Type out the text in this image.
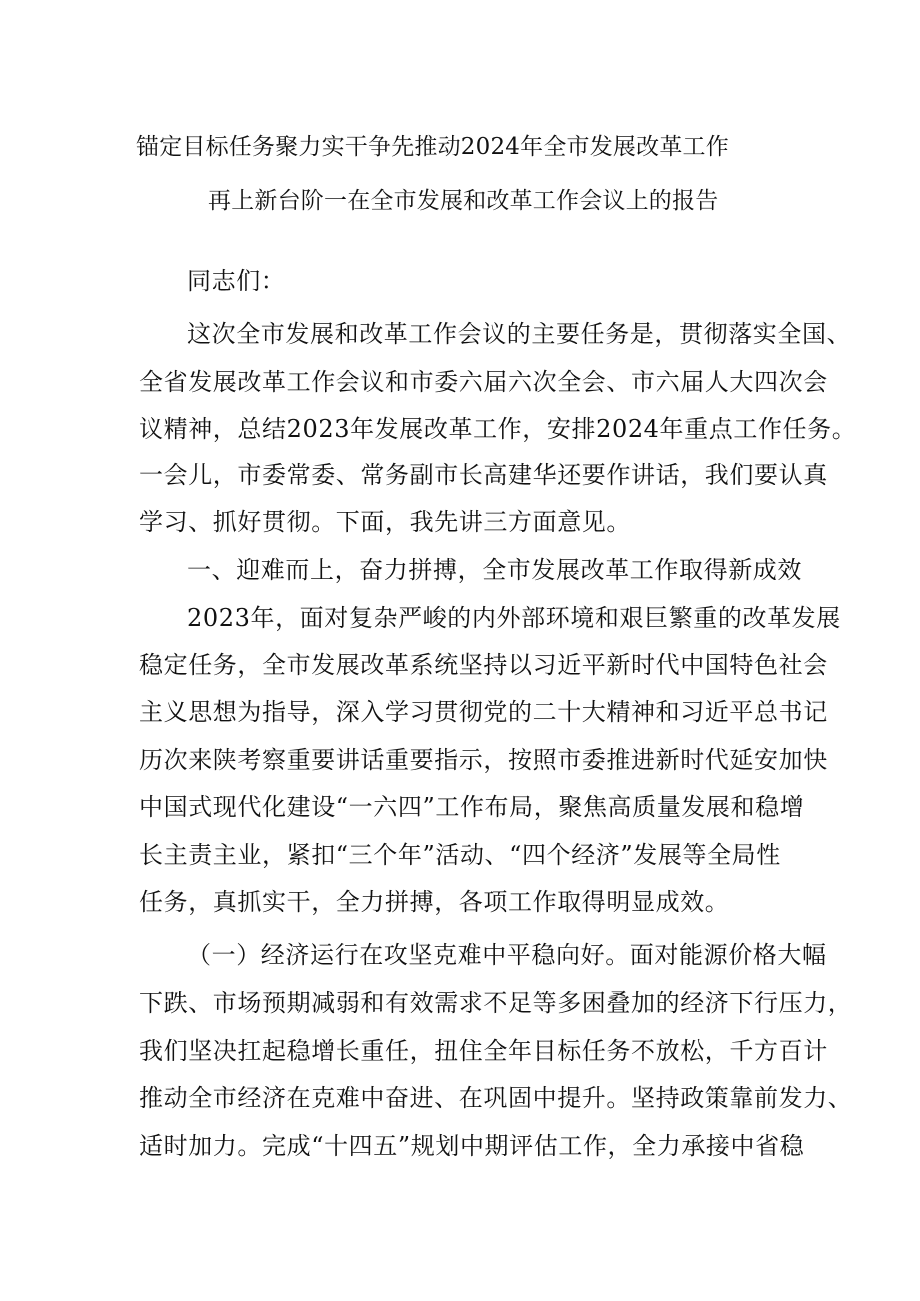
锚定目标任务聚力实干争先推动2024年全市发展改革工作
再上新台阶一在全市发展和改革工作会议上的报告
同志们：
这次全市发展和改革工作会议的主要任务是，贯彻落实全国、
全省发展改革工作会议和市委六届六次全会、市六届人大四次会
议精神，总结2023年发展改革工作，安排2024年重点工作任务。
一会儿，市委常委、常务副市长高建华还要作讲话，我们要认真
学习、抓好贯彻。下面，我先讲三方面意见。
一、迎难而上，奋力拼搏，全市发展改革工作取得新成效
2023年，面对复杂严峻的内外部环境和艰巨繁重的改革发展
稳定任务，全市发展改革系统坚持以习近平新时代中国特色社会
主义思想为指导，深入学习贯彻党的二十大精神和习近平总书记
历次来陕考察重要讲话重要指示，按照市委推进新时代延安加快
中国式现代化建设“一六四”工作布局，聚焦高质量发展和稳增
长主责主业，紧扣“三个年”活动、“四个经济”发展等全局性
任务，真抓实干，全力拼搏，各项工作取得明显成效。
（一）经济运行在攻坚克难中平稳向好。面对能源价格大幅
下跌、市场预期减弱和有效需求不足等多困叠加的经济下行压力，
我们坚决扛起稳增长重任，扭住全年目标任务不放松，千方百计
推动全市经济在克难中奋进、在巩固中提升。坚持政策靠前发力、
适时加力。完成“十四五”规划中期评估工作，全力承接中省稳
